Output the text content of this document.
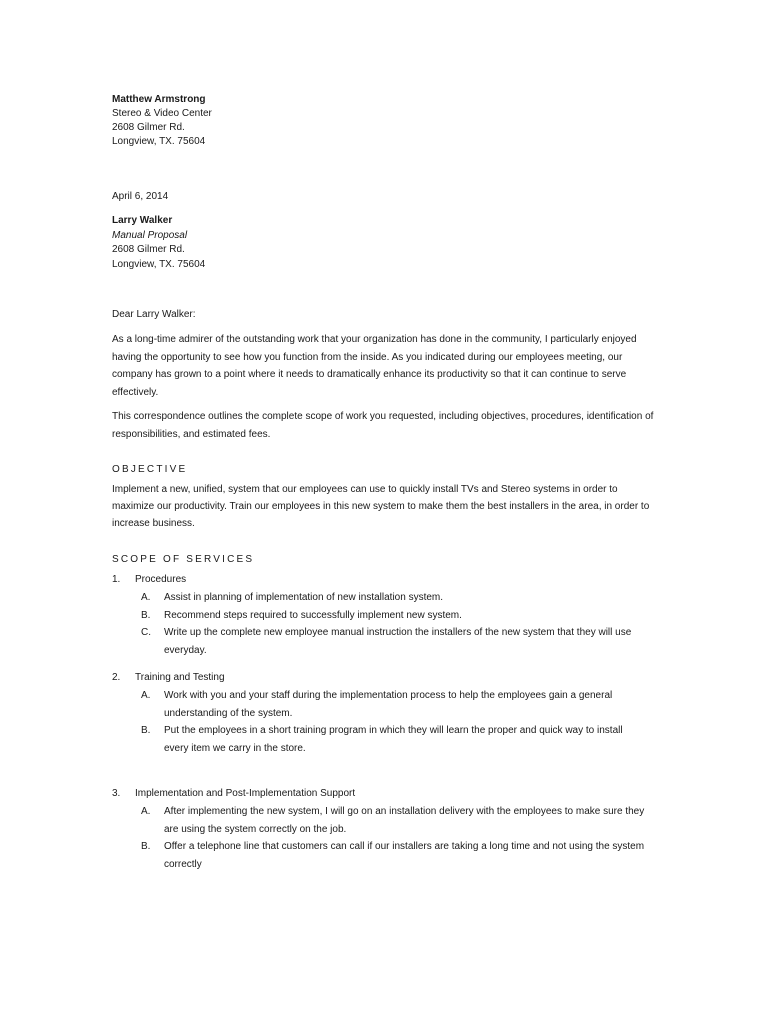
Matthew Armstrong
Stereo & Video Center
2608 Gilmer Rd.
Longview, TX. 75604
April 6, 2014
Larry Walker
Manual Proposal
2608 Gilmer Rd.
Longview, TX. 75604
Dear Larry Walker:
As a long-time admirer of the outstanding work that your organization has done in the community, I particularly enjoyed having the opportunity to see how you function from the inside. As you indicated during our employees meeting, our company has grown to a point where it needs to dramatically enhance its productivity so that it can continue to serve effectively.
This correspondence outlines the complete scope of work you requested, including objectives, procedures, identification of responsibilities, and estimated fees.
OBJECTIVE
Implement a new, unified, system that our employees can use to quickly install TVs and Stereo systems in order to maximize our productivity. Train our employees in this new system to make them the best installers in the area, in order to increase business.
SCOPE OF SERVICES
1. Procedures
A. Assist in planning of implementation of new installation system.
B. Recommend steps required to successfully implement new system.
C. Write up the complete new employee manual instruction the installers of the new system that they will use everyday.
2. Training and Testing
A. Work with you and your staff during the implementation process to help the employees gain a general understanding of the system.
B. Put the employees in a short training program in which they will learn the proper and quick way to install every item we carry in the store.
3. Implementation and Post-Implementation Support
A. After implementing the new system, I will go on an installation delivery with the employees to make sure they are using the system correctly on the job.
B. Offer a telephone line that customers can call if our installers are taking a long time and not using the system correctly
